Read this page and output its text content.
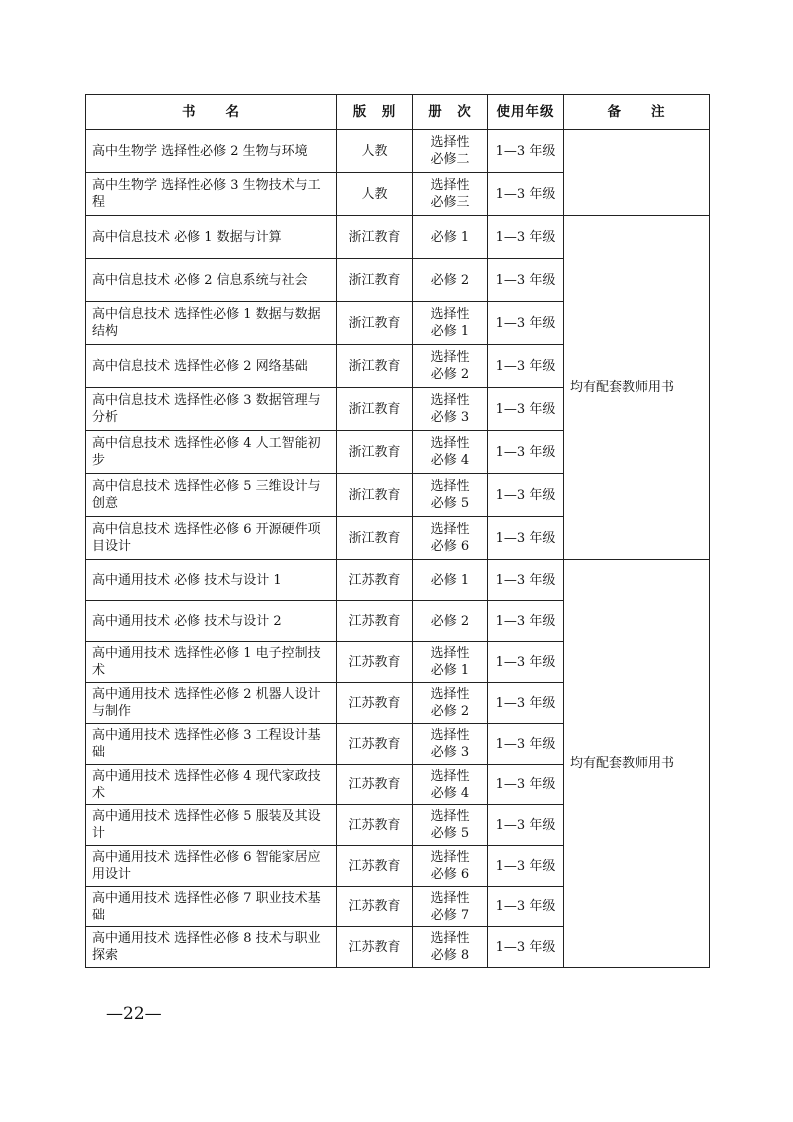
书　　名	版　别	册　次	使用年级	备　　注
高中生物学 选择性必修 2 生物与环境	人教	选择性必修二	1—3 年级	
高中生物学 选择性必修 3 生物技术与工程	人教	选择性必修三	1—3 年级	
高中信息技术 必修 1 数据与计算	浙江教育	必修 1	1—3 年级	均有配套教师用书
高中信息技术 必修 2 信息系统与社会	浙江教育	必修 2	1—3 年级	
高中信息技术 选择性必修 1 数据与数据结构	浙江教育	选择性必修 1	1—3 年级	
高中信息技术 选择性必修 2 网络基础	浙江教育	选择性必修 2	1—3 年级	
高中信息技术 选择性必修 3 数据管理与分析	浙江教育	选择性必修 3	1—3 年级	
高中信息技术 选择性必修 4 人工智能初步	浙江教育	选择性必修 4	1—3 年级	
高中信息技术 选择性必修 5 三维设计与创意	浙江教育	选择性必修 5	1—3 年级	
高中信息技术 选择性必修 6 开源硬件项目设计	浙江教育	选择性必修 6	1—3 年级	
高中通用技术 必修 技术与设计 1	江苏教育	必修 1	1—3 年级	均有配套教师用书
高中通用技术 必修 技术与设计 2	江苏教育	必修 2	1—3 年级	
高中通用技术 选择性必修 1 电子控制技术	江苏教育	选择性必修 1	1—3 年级	
高中通用技术 选择性必修 2 机器人设计与制作	江苏教育	选择性必修 2	1—3 年级	
高中通用技术 选择性必修 3 工程设计基础	江苏教育	选择性必修 3	1—3 年级	
高中通用技术 选择性必修 4 现代家政技术	江苏教育	选择性必修 4	1—3 年级	
高中通用技术 选择性必修 5 服装及其设计	江苏教育	选择性必修 5	1—3 年级	
高中通用技术 选择性必修 6 智能家居应用设计	江苏教育	选择性必修 6	1—3 年级	
高中通用技术 选择性必修 7 职业技术基础	江苏教育	选择性必修 7	1—3 年级	
高中通用技术 选择性必修 8 技术与职业探索	江苏教育	选择性必修 8	1—3 年级	
—22—
